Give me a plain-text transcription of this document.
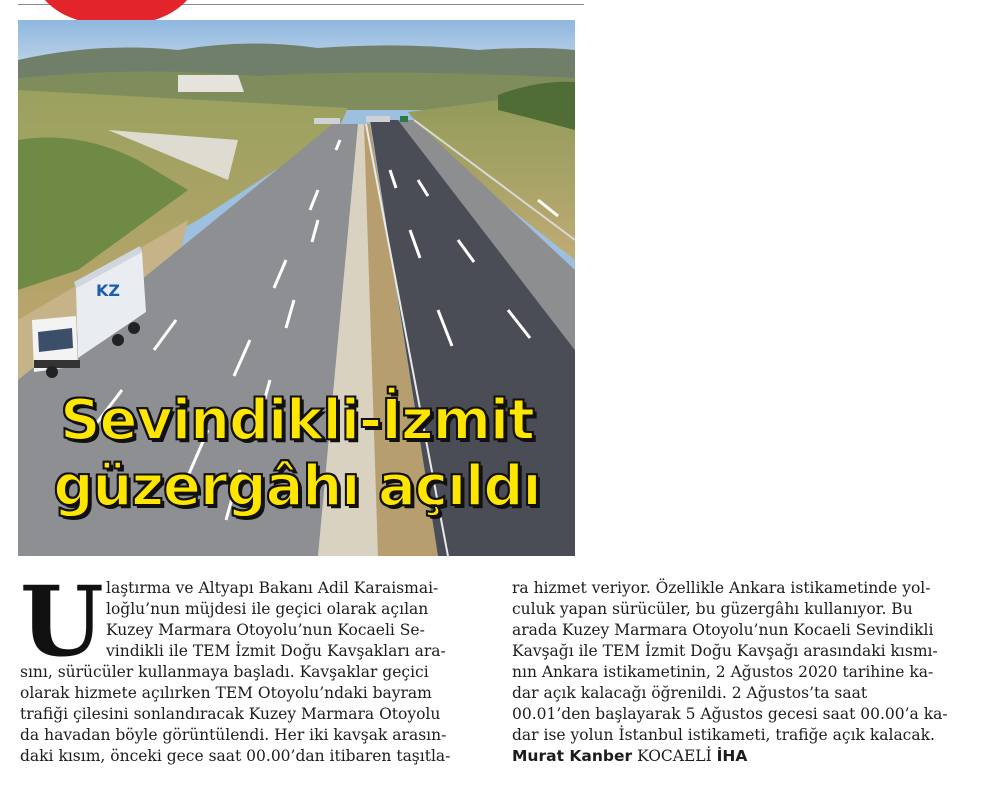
KZ
Sevindikli-İzmit
güzergâhı açıldı
U laştırma ve Altyapı Bakanı Adil Karaismai-
loğlu’nun müjdesi ile geçici olarak açılan
Kuzey Marmara Otoyolu’nun Kocaeli Se-
vindikli ile TEM İzmit Doğu Kavşakları ara-
sını, sürücüler kullanmaya başladı. Kavşaklar geçici
olarak hizmete açılırken TEM Otoyolu’ndaki bayram
trafiği çilesini sonlandıracak Kuzey Marmara Otoyolu
da havadan böyle görüntülendi. Her iki kavşak arasın-
daki kısım, önceki gece saat 00.00’dan itibaren taşıtla-
ra hizmet veriyor. Özellikle Ankara istikametinde yol-
culuk yapan sürücüler, bu güzergâhı kullanıyor. Bu
arada Kuzey Marmara Otoyolu’nun Kocaeli Sevindikli
Kavşağı ile TEM İzmit Doğu Kavşağı arasındaki kısmı-
nın Ankara istikametinin, 2 Ağustos 2020 tarihine ka-
dar açık kalacağı öğrenildi. 2 Ağustos’ta saat
00.01’den başlayarak 5 Ağustos gecesi saat 00.00’a ka-
dar ise yolun İstanbul istikameti, trafiğe açık kalacak.
Murat Kanber KOCAELİ İHA
